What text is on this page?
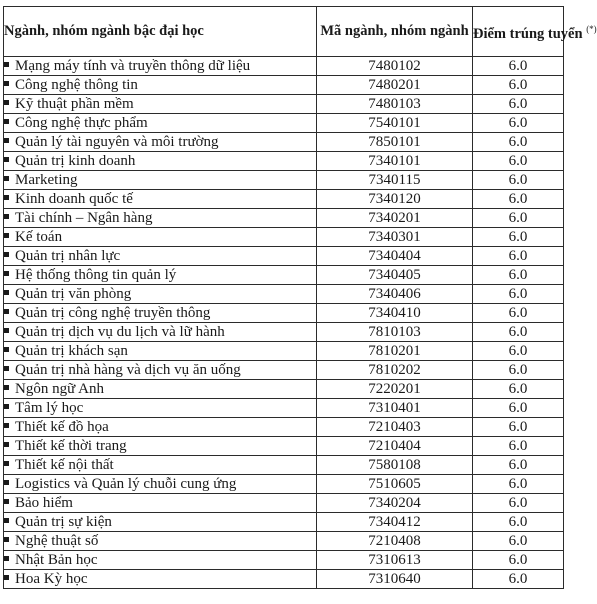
Ngành, nhóm ngành bậc đại học	Mã ngành, nhóm ngành	Điểm trúng tuyển (*)
Mạng máy tính và truyền thông dữ liệu	7480102	6.0
Công nghệ thông tin	7480201	6.0
Kỹ thuật phần mềm	7480103	6.0
Công nghệ thực phẩm	7540101	6.0
Quản lý tài nguyên và môi trường	7850101	6.0
Quản trị kinh doanh	7340101	6.0
Marketing	7340115	6.0
Kinh doanh quốc tế	7340120	6.0
Tài chính – Ngân hàng	7340201	6.0
Kế toán	7340301	6.0
Quản trị nhân lực	7340404	6.0
Hệ thống thông tin quản lý	7340405	6.0
Quản trị văn phòng	7340406	6.0
Quản trị công nghệ truyền thông	7340410	6.0
Quản trị dịch vụ du lịch và lữ hành	7810103	6.0
Quản trị khách sạn	7810201	6.0
Quản trị nhà hàng và dịch vụ ăn uống	7810202	6.0
Ngôn ngữ Anh	7220201	6.0
Tâm lý học	7310401	6.0
Thiết kế đồ họa	7210403	6.0
Thiết kế thời trang	7210404	6.0
Thiết kế nội thất	7580108	6.0
Logistics và Quản lý chuỗi cung ứng	7510605	6.0
Bảo hiểm	7340204	6.0
Quản trị sự kiện	7340412	6.0
Nghệ thuật số	7210408	6.0
Nhật Bản học	7310613	6.0
Hoa Kỳ học	7310640	6.0
